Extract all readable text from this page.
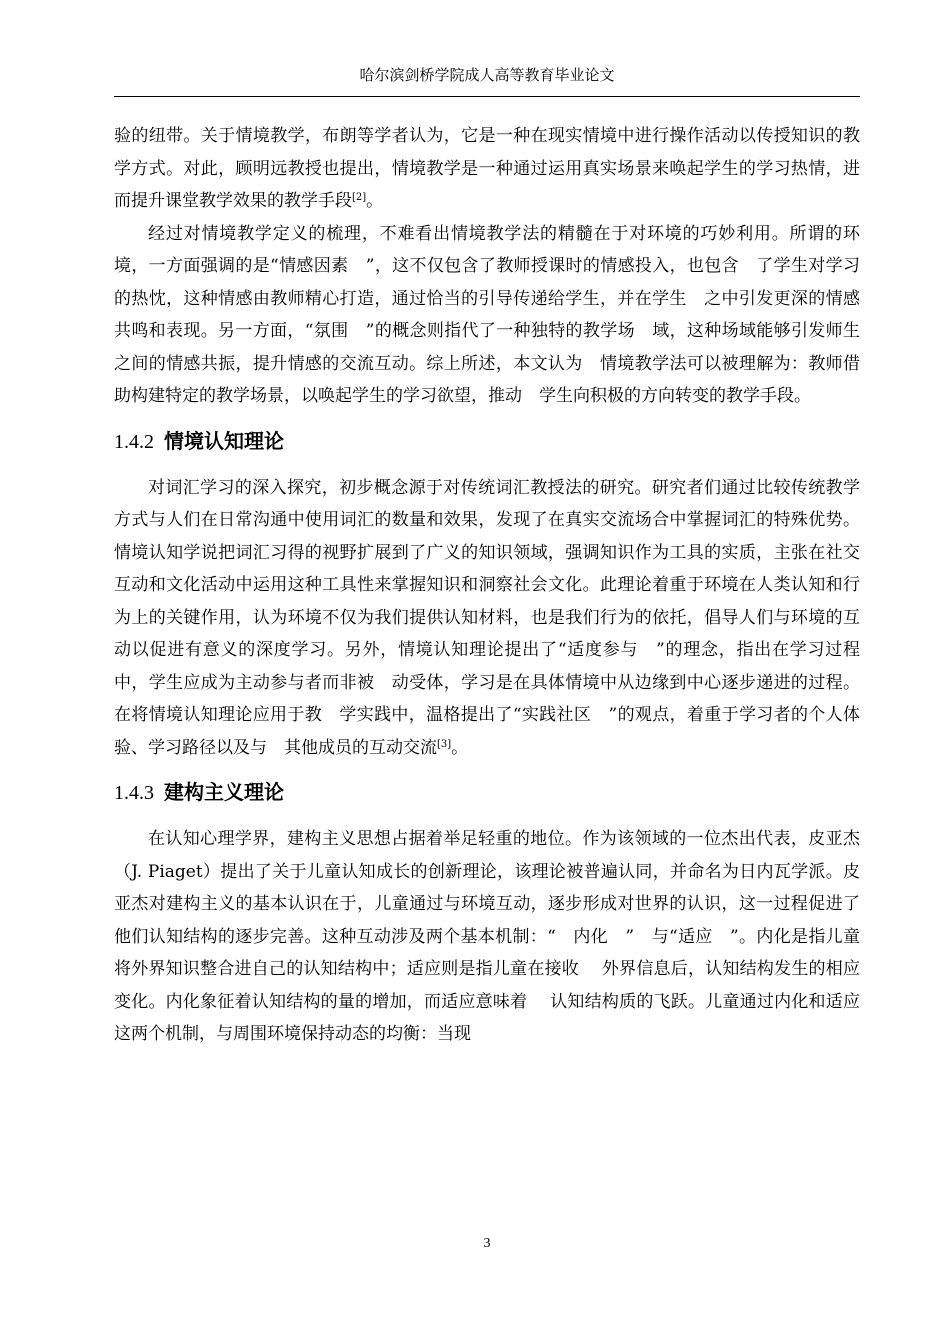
哈尔滨剑桥学院成人高等教育毕业论文

验的纽带。关于情境教学，布朗等学者认为，它是一种在现实情境中进行操作活动以传授知识的教学方式。对此，顾明远教授也提出，情境教学是一种通过运用真实场景来唤起学生的学习热情，进而提升课堂教学效果的教学手段[2]。

经过对情境教学定义的梳理，不难看出情境教学法的精髓在于对环境的巧妙利用。所谓的环境，一方面强调的是“情感因素　”，这不仅包含了教师授课时的情感投入，也包含　了学生对学习的热忱，这种情感由教师精心打造，通过恰当的引导传递给学生，并在学生　之中引发更深的情感共鸣和表现。另一方面，“氛围　”的概念则指代了一种独特的教学场　域，这种场域能够引发师生之间的情感共振，提升情感的交流互动。综上所述，本文认为　情境教学法可以被理解为：教师借助构建特定的教学场景，以唤起学生的学习欲望，推动　学生向积极的方向转变的教学手段。

1.4.2 情境认知理论

对词汇学习的深入探究，初步概念源于对传统词汇教授法的研究。研究者们通过比较传统教学方式与人们在日常沟通中使用词汇的数量和效果，发现了在真实交流场合中掌握词汇的特殊优势。情境认知学说把词汇习得的视野扩展到了广义的知识领域，强调知识作为工具的实质，主张在社交互动和文化活动中运用这种工具性来掌握知识和洞察社会文化。此理论着重于环境在人类认知和行为上的关键作用，认为环境不仅为我们提供认知材料，也是我们行为的依托，倡导人们与环境的互动以促进有意义的深度学习。另外，情境认知理论提出了“适度参与　”的理念，指出在学习过程中，学生应成为主动参与者而非被　动受体，学习是在具体情境中从边缘到中心逐步递进的过程。在将情境认知理论应用于教　学实践中，温格提出了“实践社区　”的观点，着重于学习者的个人体验、学习路径以及与　其他成员的互动交流[3]。

1.4.3 建构主义理论

在认知心理学界，建构主义思想占据着举足轻重的地位。作为该领域的一位杰出代表，皮亚杰（J. Piaget）提出了关于儿童认知成长的创新理论，该理论被普遍认同，并命名为日内瓦学派。皮亚杰对建构主义的基本认识在于，儿童通过与环境互动，逐步形成对世界的认识，这一过程促进了他们认知结构的逐步完善。这种互动涉及两个基本机制：“　内化　”　与“适应　”。内化是指儿童将外界知识整合进自己的认知结构中；适应则是指儿童在接收　 外界信息后，认知结构发生的相应变化。内化象征着认知结构的量的增加，而适应意味着　 认知结构质的飞跃。儿童通过内化和适应这两个机制，与周围环境保持动态的均衡：当现

3
